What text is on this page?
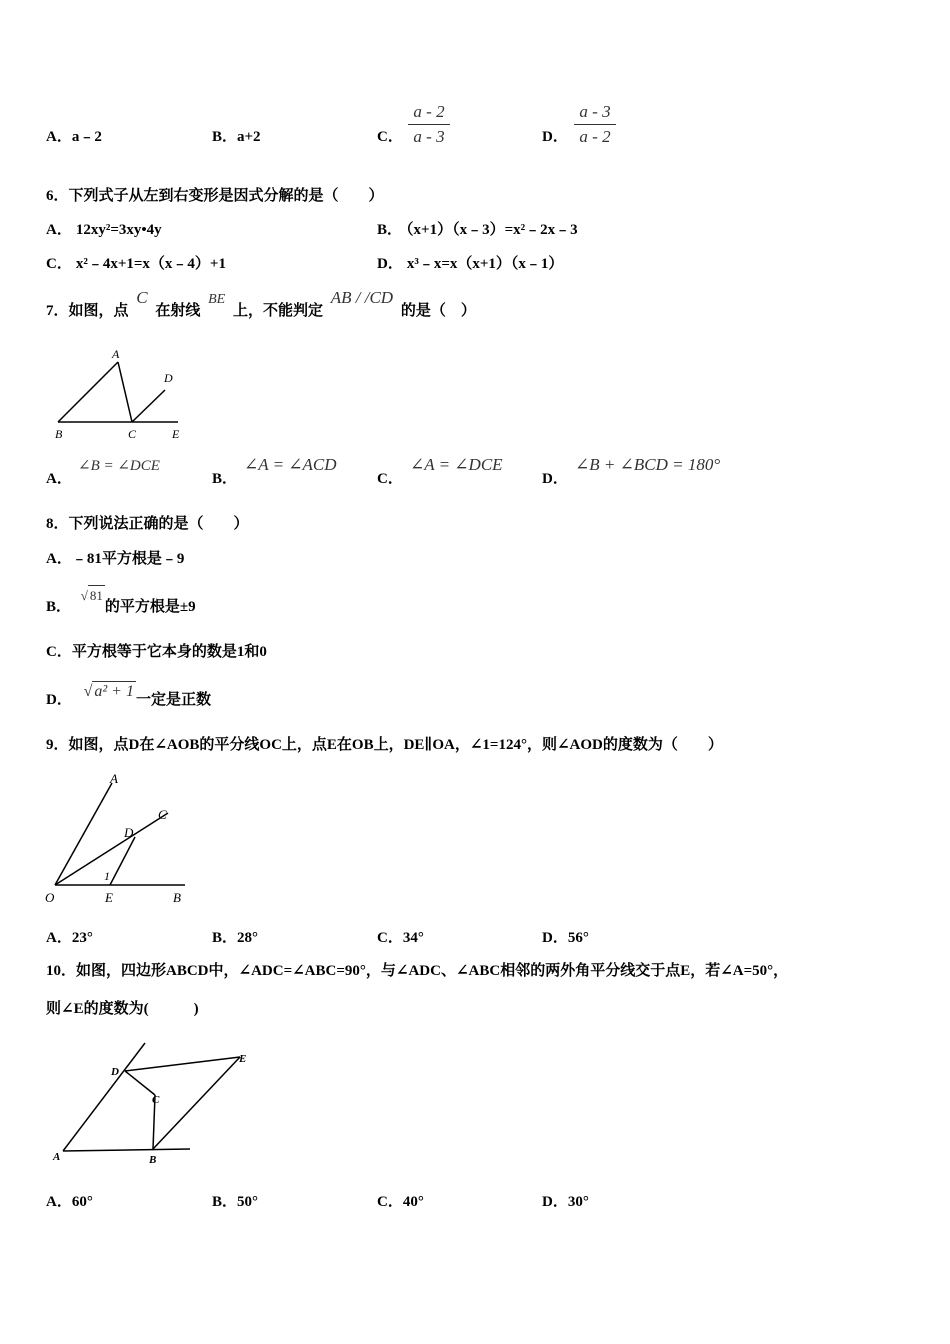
A．a﹣2	B．a+2	C．
a - 2
a - 3	D．
a - 3
a - 2
6．下列式子从左到右变形是因式分解的是（　　）
A． 12xy²=3xy•4y	B． （x+1）（x﹣3）=x²﹣2x﹣3
C． x²﹣4x+1=x（x﹣4）+1	D． x³﹣x=x（x+1）（x﹣1）
7．如图，点 C 在射线 BE 上，不能判定 AB / /CD 的是（　）
A
D
B	C	E
A．
∠B = ∠DCE
B．
∠A = ∠ACD
C．
∠A = ∠DCE
D．
∠B + ∠BCD = 180°
8．下列说法正确的是（　　）
A．﹣81平方根是﹣9
B． √ 81的平方根是±9
C．平方根等于它本身的数是1和0
D． √ a² + 1 一定是正数
9．如图，点D在∠AOB的平分线OC上，点E在OB上，DE∥OA，∠1=124°，则∠AOD的度数为（　　）
A
C
D
1
O	E	B
A．23°	B．28°	C．34°	D．56°
10．如图，四边形ABCD中，∠ADC=∠ABC=90°，与∠ADC、∠ABC相邻的两外角平分线交于点E，若∠A=50°，
则∠E的度数为(　　　)
A	B
C
D
E
A．60°	B．50°	C．40°	D．30°
